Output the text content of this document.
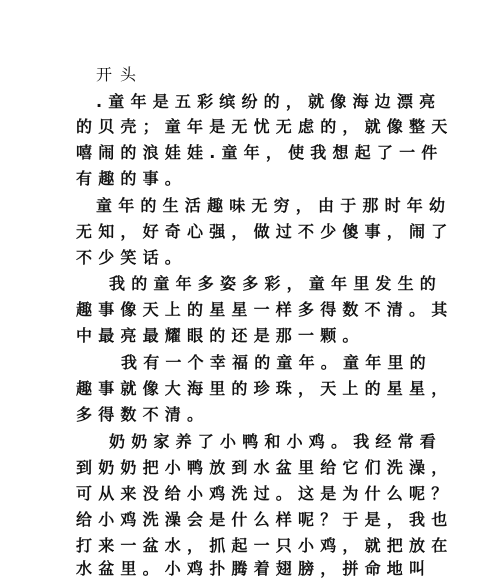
开头
.童年是五彩缤纷的，就像海边漂亮
的贝壳；童年是无忧无虑的，就像整天
嘻闹的浪娃娃.童年，使我想起了一件
有趣的事。
童年的生活趣味无穷，由于那时年幼
无知，好奇心强，做过不少傻事，闹了
不少笑话。
我的童年多姿多彩，童年里发生的
趣事像天上的星星一样多得数不清。其
中最亮最耀眼的还是那一颗。
我有一个幸福的童年。童年里的
趣事就像大海里的珍珠，天上的星星，
多得数不清。
奶奶家养了小鸭和小鸡。我经常看
到奶奶把小鸭放到水盆里给它们洗澡，
可从来没给小鸡洗过。这是为什么呢？
给小鸡洗澡会是什么样呢？于是，我也
打来一盆水，抓起一只小鸡，就把放在
水盆里。小鸡扑腾着翅膀，拼命地叫
